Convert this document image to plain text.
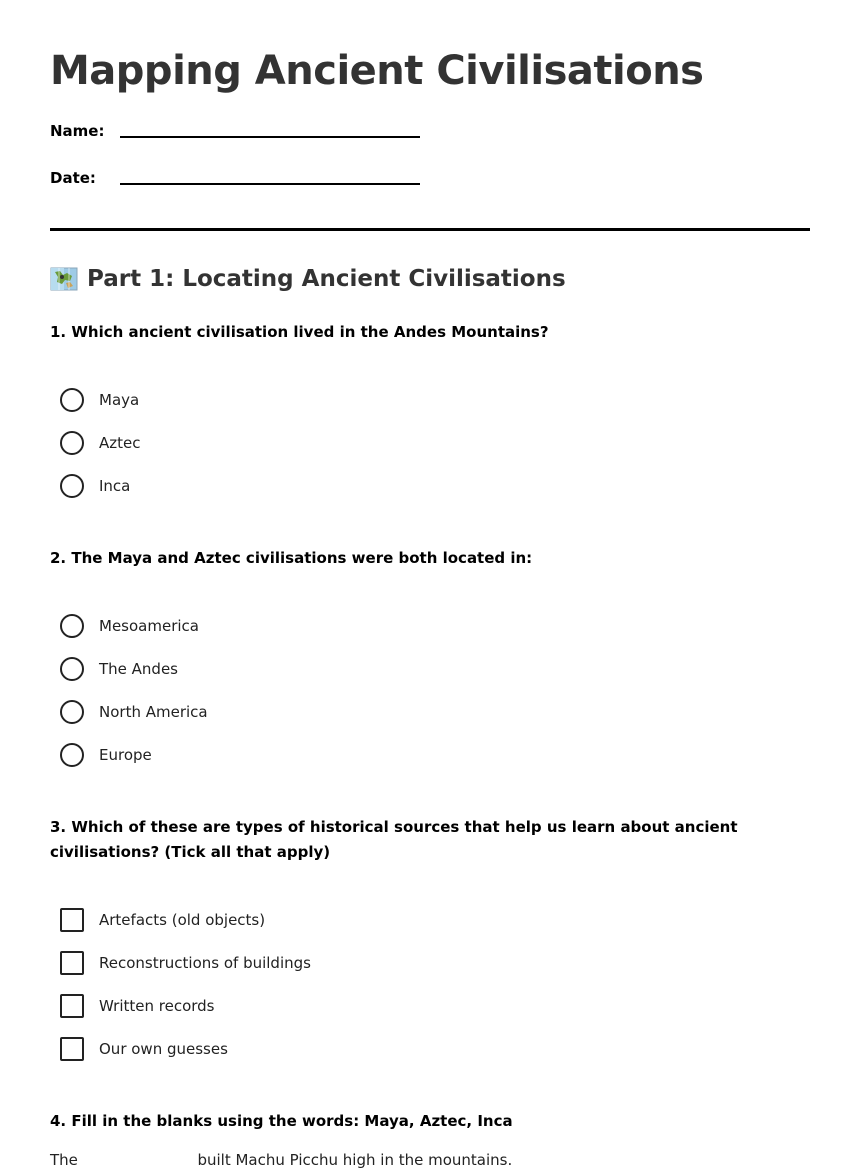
Mapping Ancient Civilisations
Name:
Date:
Part 1: Locating Ancient Civilisations
1. Which ancient civilisation lived in the Andes Mountains?
Maya
Aztec
Inca
2. The Maya and Aztec civilisations were both located in:
Mesoamerica
The Andes
North America
Europe
3. Which of these are types of historical sources that help us learn about ancient civilisations? (Tick all that apply)
Artefacts (old objects)
Reconstructions of buildings
Written records
Our own guesses
4. Fill in the blanks using the words: Maya, Aztec, Inca
The	built Machu Picchu high in the mountains.
